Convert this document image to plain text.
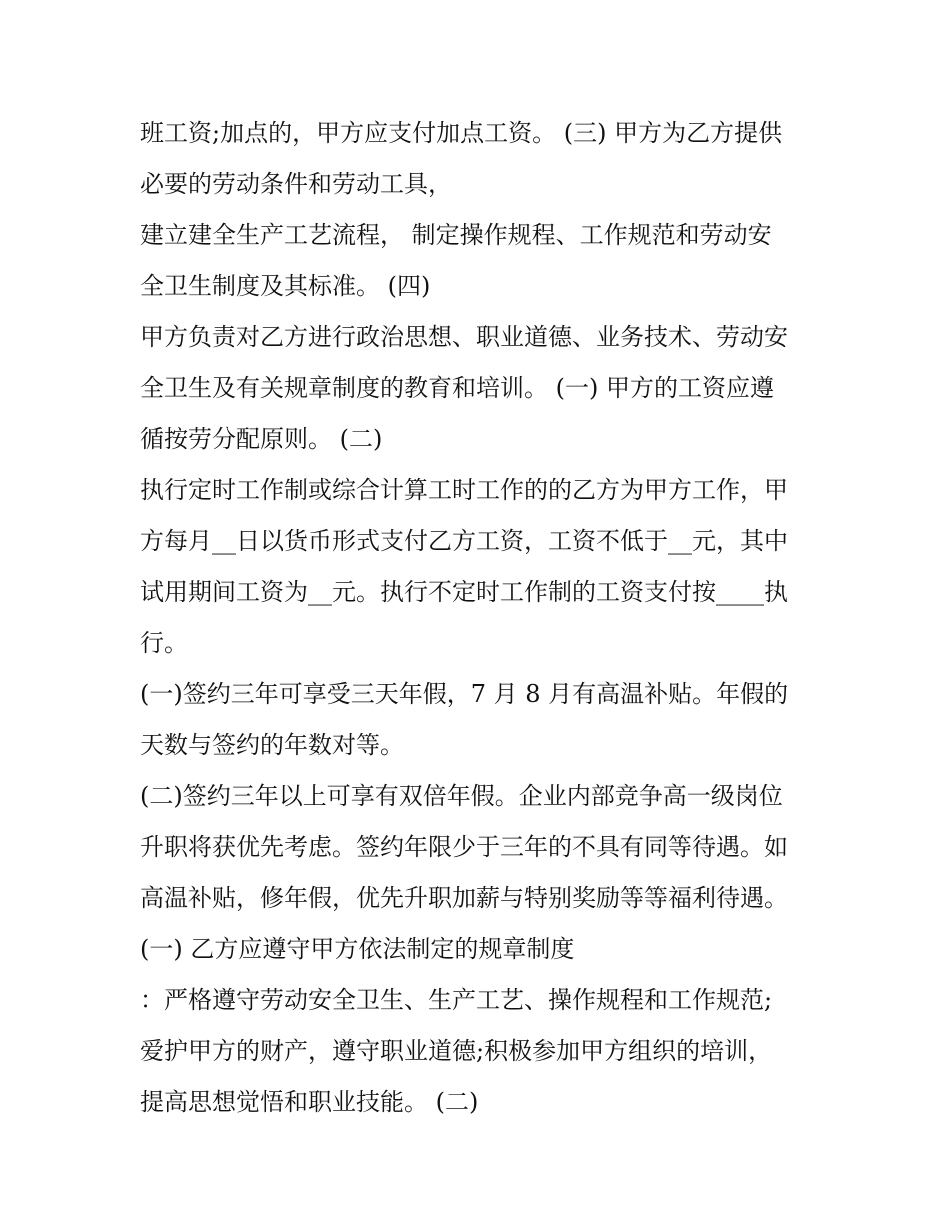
班工资;加点的，甲方应支付加点工资。 (三) 甲方为乙方提供
必要的劳动条件和劳动工具，
建立建全生产工艺流程， 制定操作规程、工作规范和劳动安
全卫生制度及其标准。 (四)
甲方负责对乙方进行政治思想、职业道德、业务技术、劳动安
全卫生及有关规章制度的教育和培训。 (一) 甲方的工资应遵
循按劳分配原则。 (二)
执行定时工作制或综合计算工时工作的的乙方为甲方工作，甲
方每月__日以货币形式支付乙方工资，工资不低于__元，其中
试用期间工资为__元。执行不定时工作制的工资支付按____执
行。
(一)签约三年可享受三天年假，7 月 8 月有高温补贴。年假的
天数与签约的年数对等。
(二)签约三年以上可享有双倍年假。企业内部竞争高一级岗位
升职将获优先考虑。签约年限少于三年的不具有同等待遇。如
高温补贴，修年假，优先升职加薪与特别奖励等等福利待遇。
(一) 乙方应遵守甲方依法制定的规章制度
：严格遵守劳动安全卫生、生产工艺、操作规程和工作规范;
爱护甲方的财产，遵守职业道德;积极参加甲方组织的培训，
提高思想觉悟和职业技能。 (二)
